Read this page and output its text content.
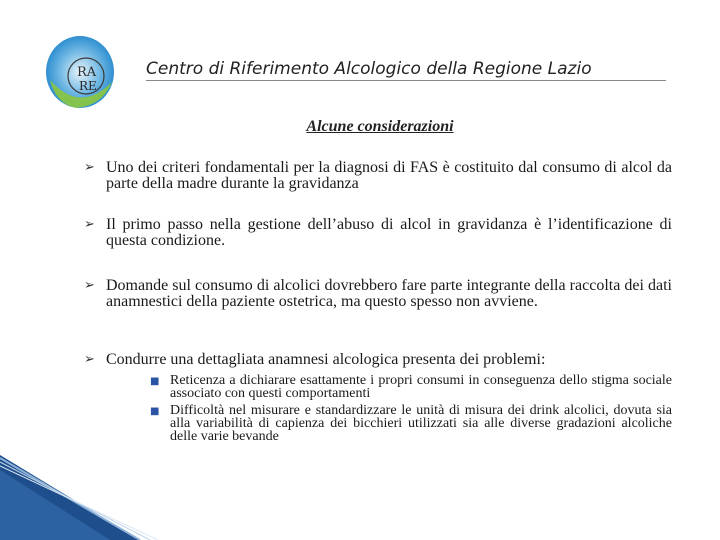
RA
RE
Centro di Riferimento Alcologico della Regione Lazio
Alcune considerazioni
➢ Uno dei criteri fondamentali per la diagnosi di FAS è costituito dal consumo di alcol da parte della madre durante la gravidanza
➢ Il primo passo nella gestione dell’abuso di alcol in gravidanza è l’identificazione di questa condizione.
➢ Domande sul consumo di alcolici dovrebbero fare parte integrante della raccolta dei dati anamnestici della paziente ostetrica, ma questo spesso non avviene.
➢ Condurre una dettagliata anamnesi alcologica presenta dei problemi:
■ Reticenza a dichiarare esattamente i propri consumi in conseguenza dello stigma sociale associato con questi comportamenti
■ Difficoltà nel misurare e standardizzare le unità di misura dei drink alcolici, dovuta sia alla variabilità di capienza dei bicchieri utilizzati sia alle diverse gradazioni alcoliche delle varie bevande
